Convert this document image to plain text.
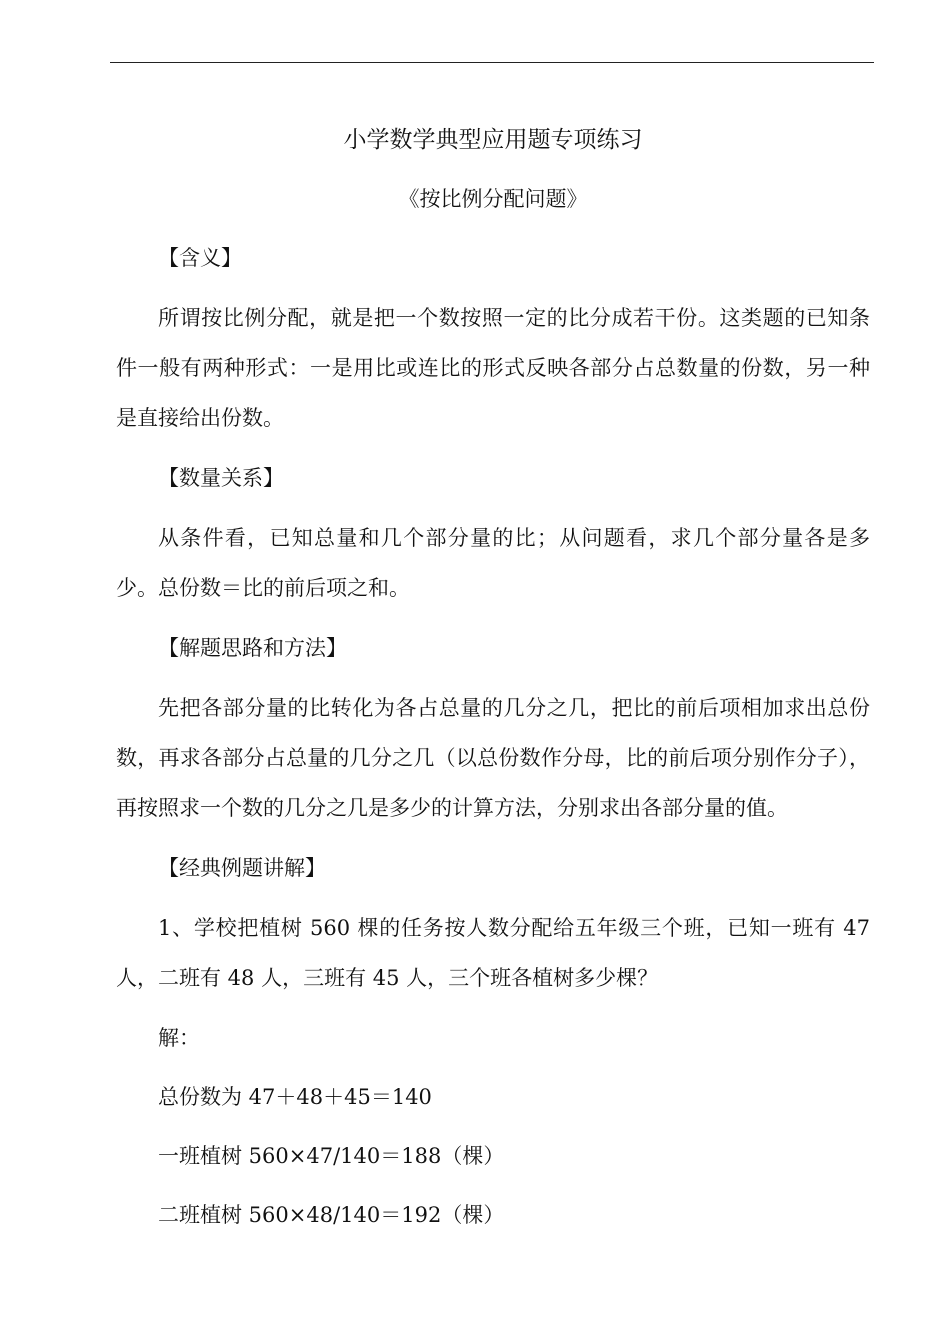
小学数学典型应用题专项练习
《按比例分配问题》
【含义】
所谓按比例分配，就是把一个数按照一定的比分成若干份。这类题的已知条件一般有两种形式：一是用比或连比的形式反映各部分占总数量的份数，另一种是直接给出份数。
【数量关系】
从条件看，已知总量和几个部分量的比；从问题看，求几个部分量各是多少。总份数＝比的前后项之和。
【解题思路和方法】
先把各部分量的比转化为各占总量的几分之几，把比的前后项相加求出总份数，再求各部分占总量的几分之几（以总份数作分母，比的前后项分别作分子），再按照求一个数的几分之几是多少的计算方法，分别求出各部分量的值。
【经典例题讲解】
1、学校把植树 560 棵的任务按人数分配给五年级三个班，已知一班有 47 人，二班有 48 人，三班有 45 人，三个班各植树多少棵？
解：
总份数为 47＋48＋45＝140
一班植树 560×47/140＝188（棵）
二班植树 560×48/140＝192（棵）
